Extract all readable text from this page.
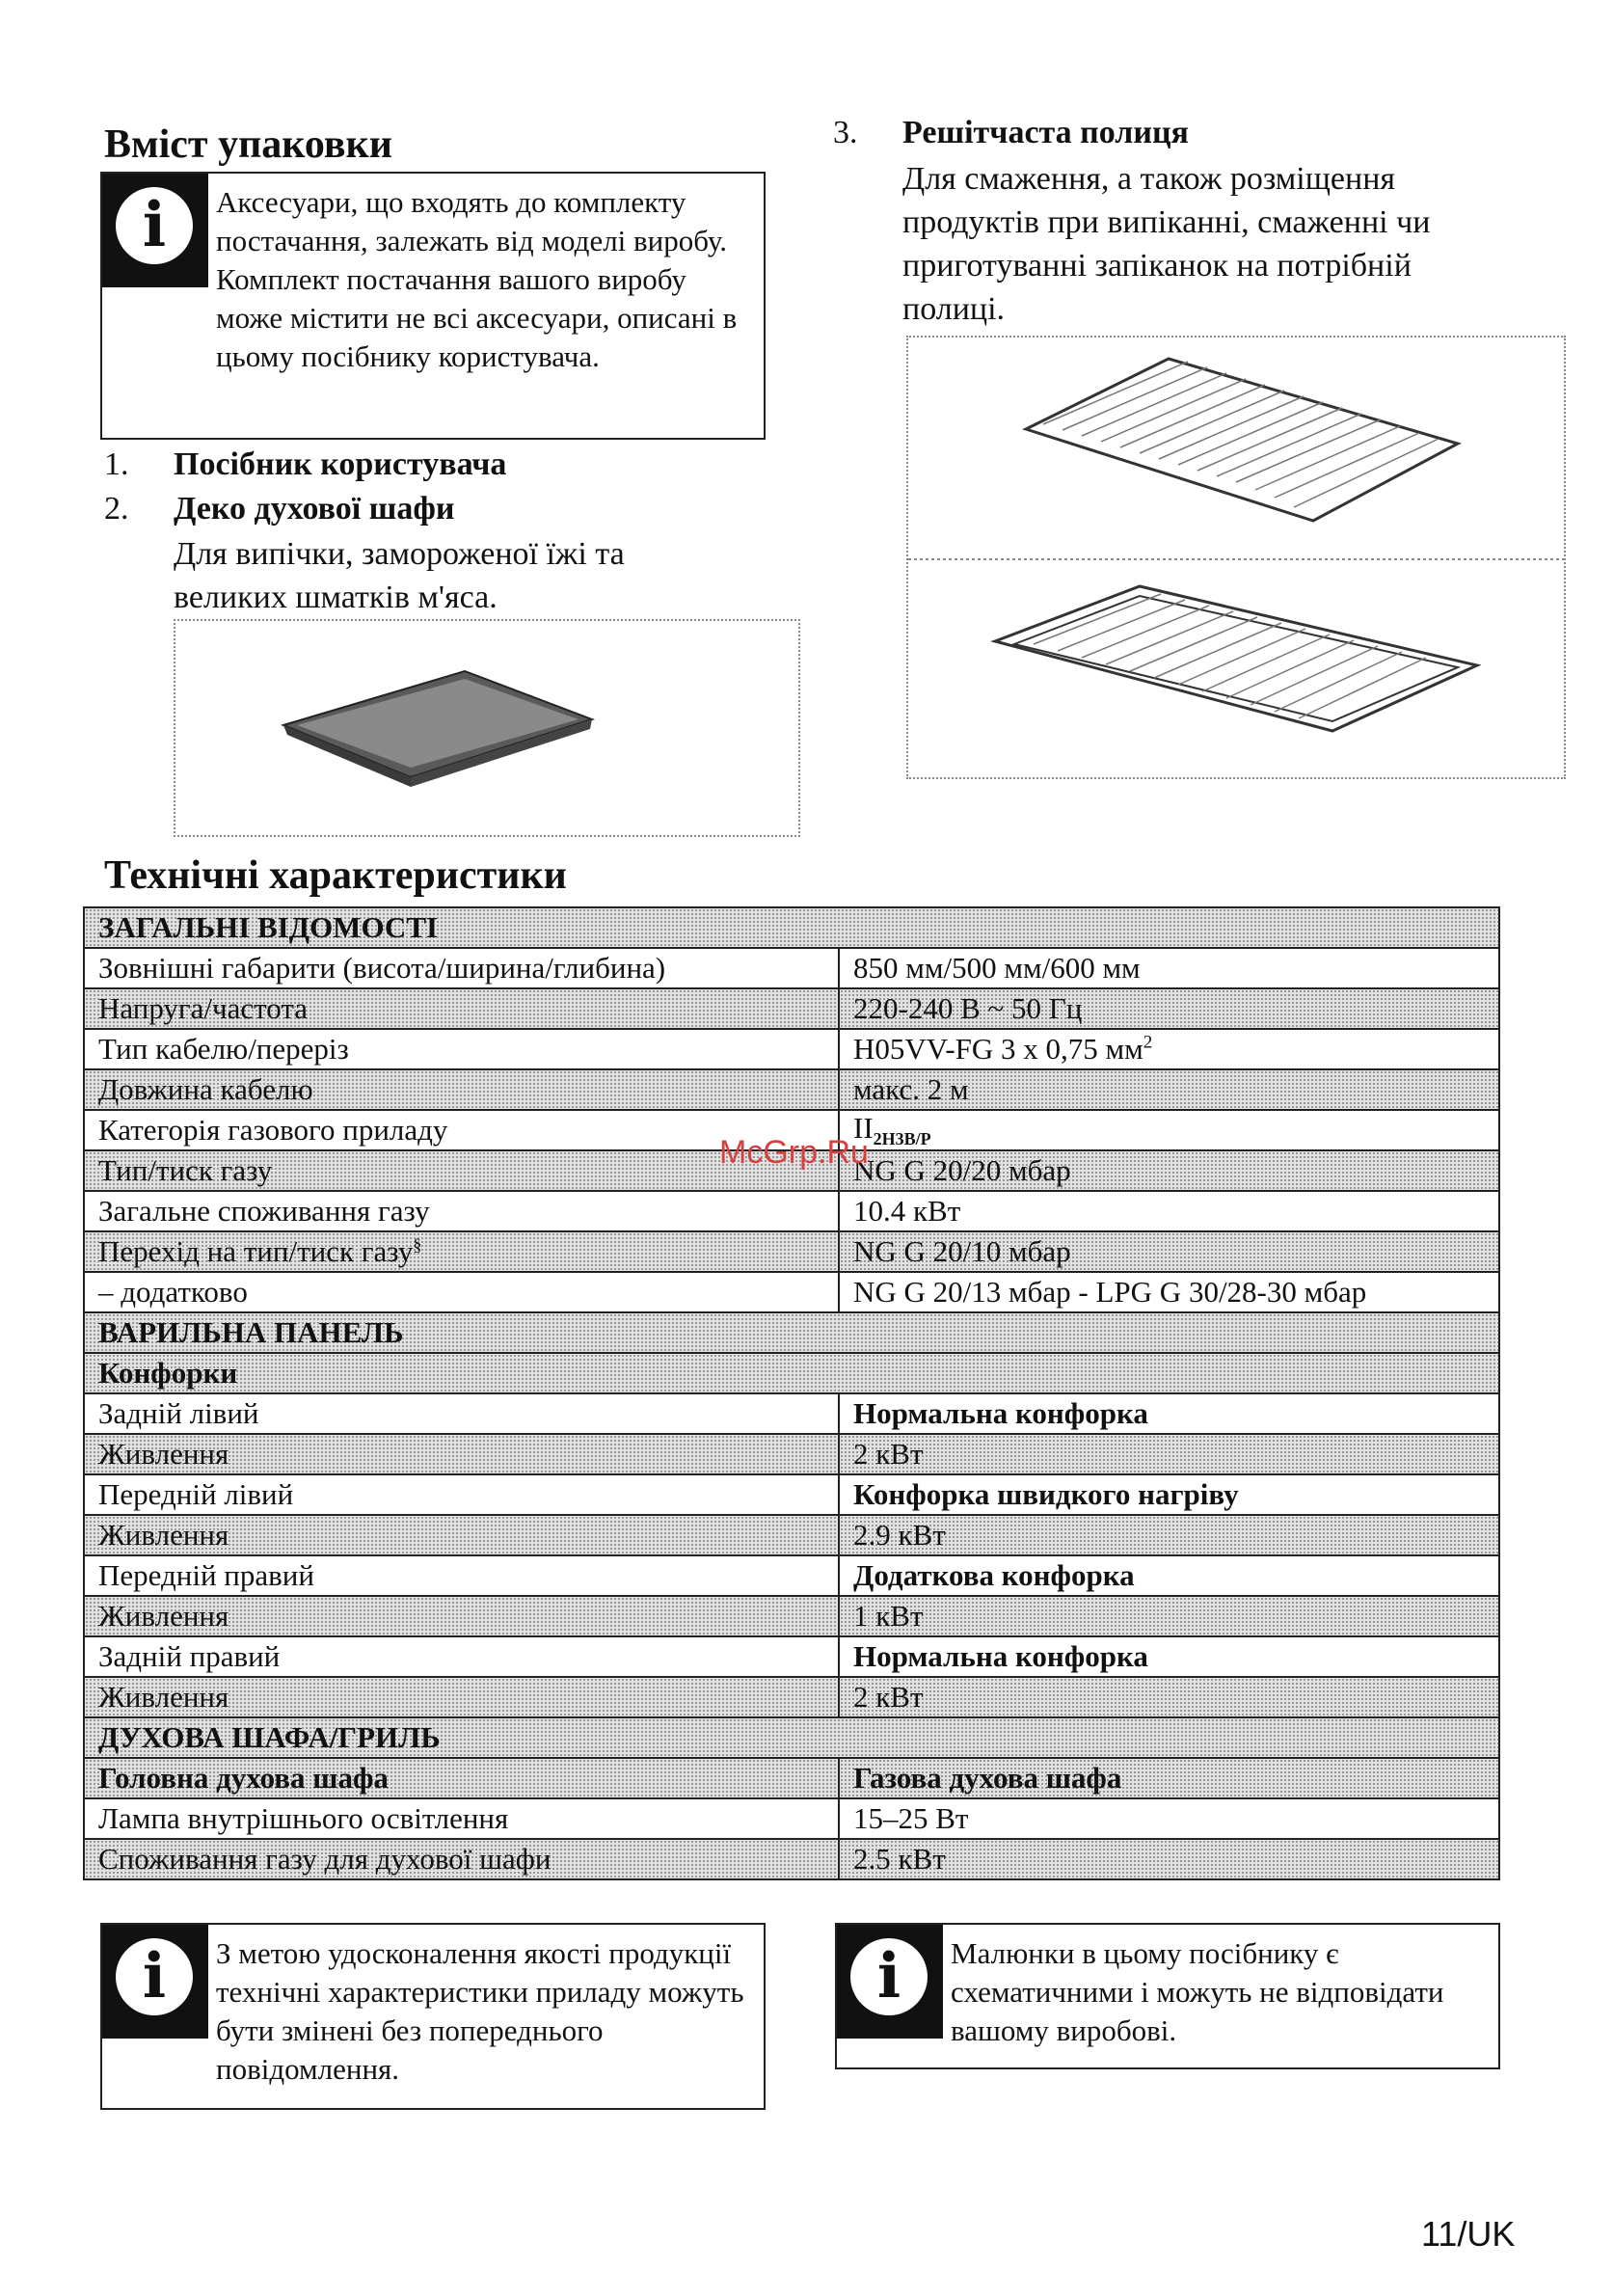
Вміст упаковки
i	Аксесуари, що входять до комплекту постачання, залежать від моделі виробу. Комплект постачання вашого виробу може містити не всі аксесуари, описані в цьому посібнику користувача.
1. Посібник користувача
2. Деко духової шафи
Для випічки, замороженої їжі та великих шматків м'яса.
3. Решітчаста полиця
Для смаження, а також розміщення продуктів при випіканні, смаженні чи приготуванні запіканок на потрібній полиці.
Технічні характеристики
ЗАГАЛЬНІ ВІДОМОСТІ	
Зовнішні габарити (висота/ширина/глибина)	850 мм/500 мм/600 мм
Напруга/частота	220-240 В ~ 50 Гц
Тип кабелю/переріз	H05VV-FG 3 x 0,75 $мм^2$
Довжина кабелю	макс. 2 м
Категорія газового приладу	$II_{2H3B/P}$
Тип/тиск газу	NG G 20/20 мбар
Загальне споживання газу	10.4 кВт
Перехід на тип/тиск газу§	NG G 20/10 мбар
– додатково	NG G 20/13 мбар - LPG G 30/28-30 мбар
ВАРИЛЬНА ПАНЕЛЬ	
Конфорки	
Задній лівий	Нормальна конфорка
Живлення	2 кВт
Передній лівий	Конфорка швидкого нагріву
Живлення	2.9 кВт
Передній правий	Додаткова конфорка
Живлення	1 кВт
Задній правий	Нормальна конфорка
Живлення	2 кВт
ДУХОВА ШАФА/ГРИЛЬ	
Головна духова шафа	Газова духова шафа
Лампа внутрішнього освітлення	15–25 Вт
Споживання газу для духової шафи	2.5 кВт
McGrp.Ru
i	З метою удосконалення якості продукції технічні характеристики приладу можуть бути змінені без попереднього повідомлення.
i	Малюнки в цьому посібнику є схематичними і можуть не відповідати вашому виробові.
11/UK
